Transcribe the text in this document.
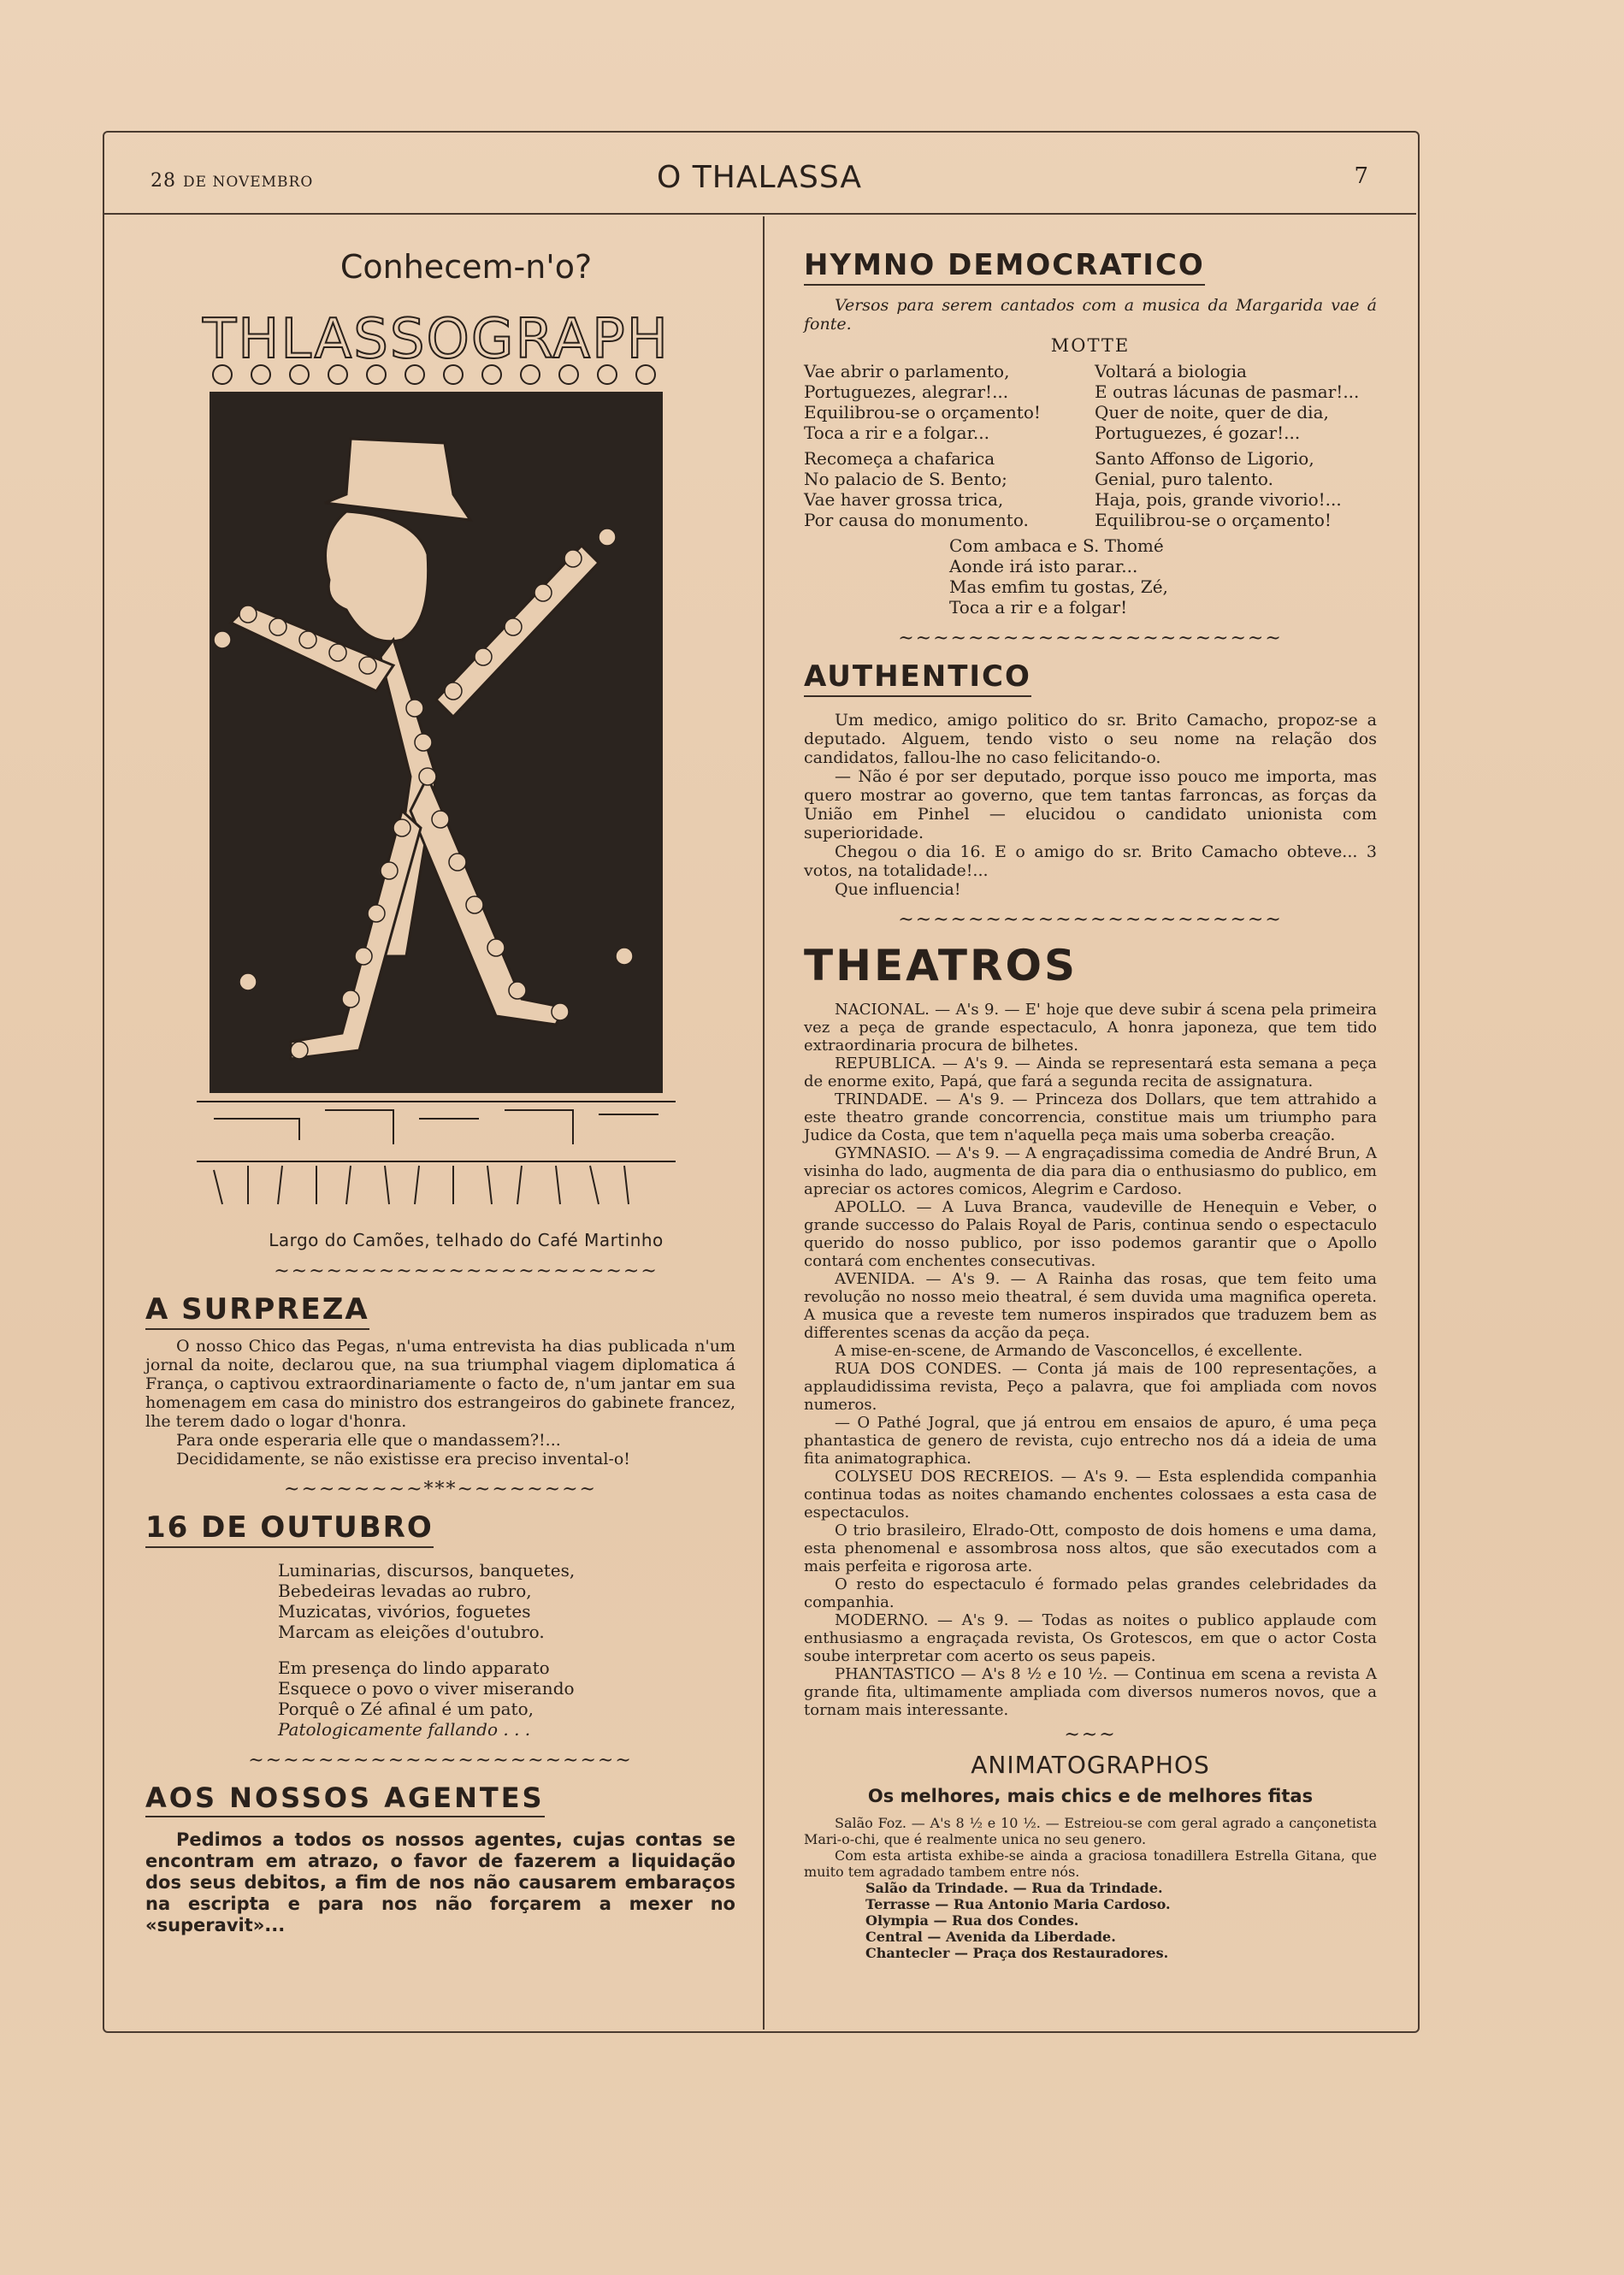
28 DE NOVEMBRO	O THALASSA	7
Conhecem-n'o?
THLASSOGRAPH
Largo do Camões, telhado do Café Martinho
~~~~~~~~~~~~~~~~~~~~~~
A SURPREZA

O nosso Chico das Pegas, n'uma entrevista ha dias publicada n'um jornal da noite, declarou que, na sua triumphal viagem diplomatica á França, o captivou extraordinariamente o facto de, n'um jantar em sua homenagem em casa do ministro dos estrangeiros do gabinete francez, lhe terem dado o logar d'honra.

Para onde esperaria elle que o mandassem?!...

Decididamente, se não existisse era preciso invental-o!

~~~~~~~~***~~~~~~~~
16 DE OUTUBRO
Luminarias, discursos, banquetes,
Bebedeiras levadas ao rubro,
Muzicatas, vivórios, foguetes
Marcam as eleições d'outubro.
Em presença do lindo apparato
Esquece o povo o viver miserando
Porquê o Zé afinal é um pato,
Patologicamente fallando . . .
~~~~~~~~~~~~~~~~~~~~~~
AOS NOSSOS AGENTES

Pedimos a todos os nossos agentes, cujas contas se encontram em atrazo, o favor de fazerem a liquidação dos seus debitos, a fim de nos não causarem embaraços na escripta e para nos não forçarem a mexer no «superavit»...

HYMNO DEMOCRATICO

Versos para serem cantados com a musica da Margarida vae á fonte.

MOTTE
Vae abrir o parlamento,
Portuguezes, alegrar!...
Equilibrou-se o orçamento!
Toca a rir e a folgar...
Voltará a biologia
E outras lácunas de pasmar!...
Quer de noite, quer de dia,
Portuguezes, é gozar!...
Recomeça a chafarica
No palacio de S. Bento;
Vae haver grossa trica,
Por causa do monumento.
Santo Affonso de Ligorio,
Genial, puro talento.
Haja, pois, grande vivorio!...
Equilibrou-se o orçamento!
Com ambaca e S. Thomé
Aonde irá isto parar...
Mas emfim tu gostas, Zé,
Toca a rir e a folgar!
~~~~~~~~~~~~~~~~~~~~~~
AUTHENTICO

Um medico, amigo politico do sr. Brito Camacho, propoz-se a deputado. Alguem, tendo visto o seu nome na relação dos candidatos, fallou-lhe no caso felicitando-o.

— Não é por ser deputado, porque isso pouco me importa, mas quero mostrar ao governo, que tem tantas farroncas, as forças da União em Pinhel — elucidou o candidato unionista com superioridade.

Chegou o dia 16. E o amigo do sr. Brito Camacho obteve... 3 votos, na totalidade!...

Que influencia!

~~~~~~~~~~~~~~~~~~~~~~
THEATROS

NACIONAL. — A's 9. — E' hoje que deve subir á scena pela primeira vez a peça de grande espectaculo, A honra japoneza, que tem tido extraordinaria procura de bilhetes.

REPUBLICA. — A's 9. — Ainda se representará esta semana a peça de enorme exito, Papá, que fará a segunda recita de assignatura.

TRINDADE. — A's 9. — Princeza dos Dollars, que tem attrahido a este theatro grande concorrencia, constitue mais um triumpho para Judice da Costa, que tem n'aquella peça mais uma soberba creação.

GYMNASIO. — A's 9. — A engraçadissima comedia de André Brun, A visinha do lado, augmenta de dia para dia o enthusiasmo do publico, em apreciar os actores comicos, Alegrim e Cardoso.

APOLLO. — A Luva Branca, vaudeville de Henequin e Veber, o grande successo do Palais Royal de Paris, continua sendo o espectaculo querido do nosso publico, por isso podemos garantir que o Apollo contará com enchentes consecutivas.

AVENIDA. — A's 9. — A Rainha das rosas, que tem feito uma revolução no nosso meio theatral, é sem duvida uma magnifica opereta. A musica que a reveste tem numeros inspirados que traduzem bem as differentes scenas da acção da peça.

A mise-en-scene, de Armando de Vasconcellos, é excellente.

RUA DOS CONDES. — Conta já mais de 100 representações, a applaudidissima revista, Peço a palavra, que foi ampliada com novos numeros.

— O Pathé Jogral, que já entrou em ensaios de apuro, é uma peça phantastica de genero de revista, cujo entrecho nos dá a ideia de uma fita animatographica.

COLYSEU DOS RECREIOS. — A's 9. — Esta esplendida companhia continua todas as noites chamando enchentes colossaes a esta casa de espectaculos.

O trio brasileiro, Elrado-Ott, composto de dois homens e uma dama, esta phenomenal e assombrosa noss altos, que são executados com a mais perfeita e rigorosa arte.

O resto do espectaculo é formado pelas grandes celebridades da companhia.

MODERNO. — A's 9. — Todas as noites o publico applaude com enthusiasmo a engraçada revista, Os Grotescos, em que o actor Costa soube interpretar com acerto os seus papeis.

PHANTASTICO — A's 8 ½ e 10 ½. — Continua em scena a revista A grande fita, ultimamente ampliada com diversos numeros novos, que a tornam mais interessante.

~~~
ANIMATOGRAPHOS
Os melhores, mais chics e de melhores fitas

Salão Foz. — A's 8 ½ e 10 ½. — Estreiou-se com geral agrado a cançonetista Mari-o-chi, que é realmente unica no seu genero.

Com esta artista exhibe-se ainda a graciosa tonadillera Estrella Gitana, que muito tem agradado tambem entre nós.

Salão da Trindade. — Rua da Trindade.

Terrasse — Rua Antonio Maria Cardoso.

Olympia — Rua dos Condes.

Central — Avenida da Liberdade.

Chantecler — Praça dos Restauradores.
